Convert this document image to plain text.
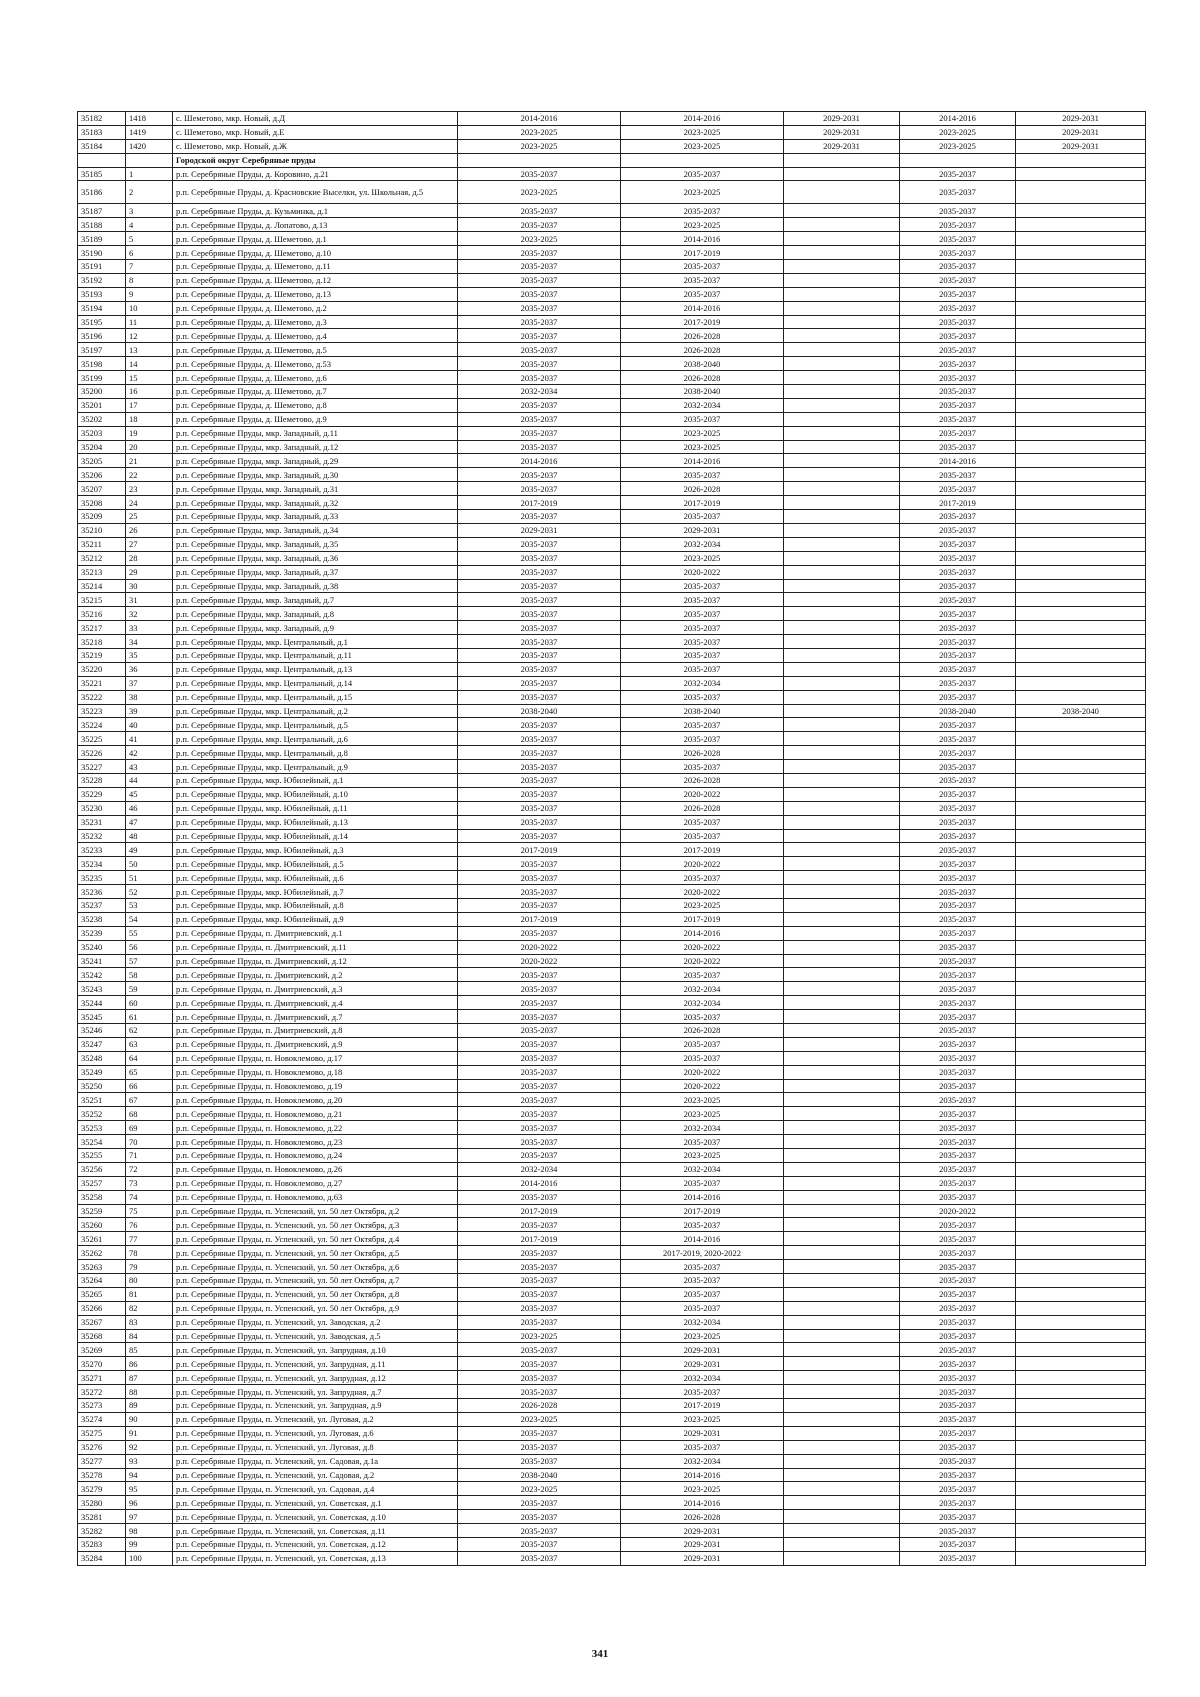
35182	1418	с. Шеметово, мкр. Новый, д.Д	2014-2016	2014-2016	2029-2031	2014-2016	2029-2031
35183	1419	с. Шеметово, мкр. Новый, д.Е	2023-2025	2023-2025	2029-2031	2023-2025	2029-2031
35184	1420	с. Шеметово, мкр. Новый, д.Ж	2023-2025	2023-2025	2029-2031	2023-2025	2029-2031
		Городской округ Серебряные пруды					
35185	1	р.п. Серебряные Пруды, д. Коровино, д.21	2035-2037	2035-2037		2035-2037	
35186	2	р.п. Серебряные Пруды, д. Красновские Выселки, ул. Школьная, д.5	2023-2025	2023-2025		2035-2037	
35187	3	р.п. Серебряные Пруды, д. Кузьминка, д.1	2035-2037	2035-2037		2035-2037	
35188	4	р.п. Серебряные Пруды, д. Лопатово, д.13	2035-2037	2023-2025		2035-2037	
35189	5	р.п. Серебряные Пруды, д. Шеметово, д.1	2023-2025	2014-2016		2035-2037	
35190	6	р.п. Серебряные Пруды, д. Шеметово, д.10	2035-2037	2017-2019		2035-2037	
35191	7	р.п. Серебряные Пруды, д. Шеметово, д.11	2035-2037	2035-2037		2035-2037	
35192	8	р.п. Серебряные Пруды, д. Шеметово, д.12	2035-2037	2035-2037		2035-2037	
35193	9	р.п. Серебряные Пруды, д. Шеметово, д.13	2035-2037	2035-2037		2035-2037	
35194	10	р.п. Серебряные Пруды, д. Шеметово, д.2	2035-2037	2014-2016		2035-2037	
35195	11	р.п. Серебряные Пруды, д. Шеметово, д.3	2035-2037	2017-2019		2035-2037	
35196	12	р.п. Серебряные Пруды, д. Шеметово, д.4	2035-2037	2026-2028		2035-2037	
35197	13	р.п. Серебряные Пруды, д. Шеметово, д.5	2035-2037	2026-2028		2035-2037	
35198	14	р.п. Серебряные Пруды, д. Шеметово, д.53	2035-2037	2038-2040		2035-2037	
35199	15	р.п. Серебряные Пруды, д. Шеметово, д.6	2035-2037	2026-2028		2035-2037	
35200	16	р.п. Серебряные Пруды, д. Шеметово, д.7	2032-2034	2038-2040		2035-2037	
35201	17	р.п. Серебряные Пруды, д. Шеметово, д.8	2035-2037	2032-2034		2035-2037	
35202	18	р.п. Серебряные Пруды, д. Шеметово, д.9	2035-2037	2035-2037		2035-2037	
35203	19	р.п. Серебряные Пруды, мкр. Западный, д.11	2035-2037	2023-2025		2035-2037	
35204	20	р.п. Серебряные Пруды, мкр. Западный, д.12	2035-2037	2023-2025		2035-2037	
35205	21	р.п. Серебряные Пруды, мкр. Западный, д.29	2014-2016	2014-2016		2014-2016	
35206	22	р.п. Серебряные Пруды, мкр. Западный, д.30	2035-2037	2035-2037		2035-2037	
35207	23	р.п. Серебряные Пруды, мкр. Западный, д.31	2035-2037	2026-2028		2035-2037	
35208	24	р.п. Серебряные Пруды, мкр. Западный, д.32	2017-2019	2017-2019		2017-2019	
35209	25	р.п. Серебряные Пруды, мкр. Западный, д.33	2035-2037	2035-2037		2035-2037	
35210	26	р.п. Серебряные Пруды, мкр. Западный, д.34	2029-2031	2029-2031		2035-2037	
35211	27	р.п. Серебряные Пруды, мкр. Западный, д.35	2035-2037	2032-2034		2035-2037	
35212	28	р.п. Серебряные Пруды, мкр. Западный, д.36	2035-2037	2023-2025		2035-2037	
35213	29	р.п. Серебряные Пруды, мкр. Западный, д.37	2035-2037	2020-2022		2035-2037	
35214	30	р.п. Серебряные Пруды, мкр. Западный, д.38	2035-2037	2035-2037		2035-2037	
35215	31	р.п. Серебряные Пруды, мкр. Западный, д.7	2035-2037	2035-2037		2035-2037	
35216	32	р.п. Серебряные Пруды, мкр. Западный, д.8	2035-2037	2035-2037		2035-2037	
35217	33	р.п. Серебряные Пруды, мкр. Западный, д.9	2035-2037	2035-2037		2035-2037	
35218	34	р.п. Серебряные Пруды, мкр. Центральный, д.1	2035-2037	2035-2037		2035-2037	
35219	35	р.п. Серебряные Пруды, мкр. Центральный, д.11	2035-2037	2035-2037		2035-2037	
35220	36	р.п. Серебряные Пруды, мкр. Центральный, д.13	2035-2037	2035-2037		2035-2037	
35221	37	р.п. Серебряные Пруды, мкр. Центральный, д.14	2035-2037	2032-2034		2035-2037	
35222	38	р.п. Серебряные Пруды, мкр. Центральный, д.15	2035-2037	2035-2037		2035-2037	
35223	39	р.п. Серебряные Пруды, мкр. Центральный, д.2	2038-2040	2038-2040		2038-2040	2038-2040
35224	40	р.п. Серебряные Пруды, мкр. Центральный, д.5	2035-2037	2035-2037		2035-2037	
35225	41	р.п. Серебряные Пруды, мкр. Центральный, д.6	2035-2037	2035-2037		2035-2037	
35226	42	р.п. Серебряные Пруды, мкр. Центральный, д.8	2035-2037	2026-2028		2035-2037	
35227	43	р.п. Серебряные Пруды, мкр. Центральный, д.9	2035-2037	2035-2037		2035-2037	
35228	44	р.п. Серебряные Пруды, мкр. Юбилейный, д.1	2035-2037	2026-2028		2035-2037	
35229	45	р.п. Серебряные Пруды, мкр. Юбилейный, д.10	2035-2037	2020-2022		2035-2037	
35230	46	р.п. Серебряные Пруды, мкр. Юбилейный, д.11	2035-2037	2026-2028		2035-2037	
35231	47	р.п. Серебряные Пруды, мкр. Юбилейный, д.13	2035-2037	2035-2037		2035-2037	
35232	48	р.п. Серебряные Пруды, мкр. Юбилейный, д.14	2035-2037	2035-2037		2035-2037	
35233	49	р.п. Серебряные Пруды, мкр. Юбилейный, д.3	2017-2019	2017-2019		2035-2037	
35234	50	р.п. Серебряные Пруды, мкр. Юбилейный, д.5	2035-2037	2020-2022		2035-2037	
35235	51	р.п. Серебряные Пруды, мкр. Юбилейный, д.6	2035-2037	2035-2037		2035-2037	
35236	52	р.п. Серебряные Пруды, мкр. Юбилейный, д.7	2035-2037	2020-2022		2035-2037	
35237	53	р.п. Серебряные Пруды, мкр. Юбилейный, д.8	2035-2037	2023-2025		2035-2037	
35238	54	р.п. Серебряные Пруды, мкр. Юбилейный, д.9	2017-2019	2017-2019		2035-2037	
35239	55	р.п. Серебряные Пруды, п. Дмитриевский, д.1	2035-2037	2014-2016		2035-2037	
35240	56	р.п. Серебряные Пруды, п. Дмитриевский, д.11	2020-2022	2020-2022		2035-2037	
35241	57	р.п. Серебряные Пруды, п. Дмитриевский, д.12	2020-2022	2020-2022		2035-2037	
35242	58	р.п. Серебряные Пруды, п. Дмитриевский, д.2	2035-2037	2035-2037		2035-2037	
35243	59	р.п. Серебряные Пруды, п. Дмитриевский, д.3	2035-2037	2032-2034		2035-2037	
35244	60	р.п. Серебряные Пруды, п. Дмитриевский, д.4	2035-2037	2032-2034		2035-2037	
35245	61	р.п. Серебряные Пруды, п. Дмитриевский, д.7	2035-2037	2035-2037		2035-2037	
35246	62	р.п. Серебряные Пруды, п. Дмитриевский, д.8	2035-2037	2026-2028		2035-2037	
35247	63	р.п. Серебряные Пруды, п. Дмитриевский, д.9	2035-2037	2035-2037		2035-2037	
35248	64	р.п. Серебряные Пруды, п. Новоклемово, д.17	2035-2037	2035-2037		2035-2037	
35249	65	р.п. Серебряные Пруды, п. Новоклемово, д.18	2035-2037	2020-2022		2035-2037	
35250	66	р.п. Серебряные Пруды, п. Новоклемово, д.19	2035-2037	2020-2022		2035-2037	
35251	67	р.п. Серебряные Пруды, п. Новоклемово, д.20	2035-2037	2023-2025		2035-2037	
35252	68	р.п. Серебряные Пруды, п. Новоклемово, д.21	2035-2037	2023-2025		2035-2037	
35253	69	р.п. Серебряные Пруды, п. Новоклемово, д.22	2035-2037	2032-2034		2035-2037	
35254	70	р.п. Серебряные Пруды, п. Новоклемово, д.23	2035-2037	2035-2037		2035-2037	
35255	71	р.п. Серебряные Пруды, п. Новоклемово, д.24	2035-2037	2023-2025		2035-2037	
35256	72	р.п. Серебряные Пруды, п. Новоклемово, д.26	2032-2034	2032-2034		2035-2037	
35257	73	р.п. Серебряные Пруды, п. Новоклемово, д.27	2014-2016	2035-2037		2035-2037	
35258	74	р.п. Серебряные Пруды, п. Новоклемово, д.63	2035-2037	2014-2016		2035-2037	
35259	75	р.п. Серебряные Пруды, п. Успенский, ул. 50 лет Октября, д.2	2017-2019	2017-2019		2020-2022	
35260	76	р.п. Серебряные Пруды, п. Успенский, ул. 50 лет Октября, д.3	2035-2037	2035-2037		2035-2037	
35261	77	р.п. Серебряные Пруды, п. Успенский, ул. 50 лет Октября, д.4	2017-2019	2014-2016		2035-2037	
35262	78	р.п. Серебряные Пруды, п. Успенский, ул. 50 лет Октября, д.5	2035-2037	2017-2019, 2020-2022		2035-2037	
35263	79	р.п. Серебряные Пруды, п. Успенский, ул. 50 лет Октября, д.6	2035-2037	2035-2037		2035-2037	
35264	80	р.п. Серебряные Пруды, п. Успенский, ул. 50 лет Октября, д.7	2035-2037	2035-2037		2035-2037	
35265	81	р.п. Серебряные Пруды, п. Успенский, ул. 50 лет Октября, д.8	2035-2037	2035-2037		2035-2037	
35266	82	р.п. Серебряные Пруды, п. Успенский, ул. 50 лет Октября, д.9	2035-2037	2035-2037		2035-2037	
35267	83	р.п. Серебряные Пруды, п. Успенский, ул. Заводская, д.2	2035-2037	2032-2034		2035-2037	
35268	84	р.п. Серебряные Пруды, п. Успенский, ул. Заводская, д.5	2023-2025	2023-2025		2035-2037	
35269	85	р.п. Серебряные Пруды, п. Успенский, ул. Запрудная, д.10	2035-2037	2029-2031		2035-2037	
35270	86	р.п. Серебряные Пруды, п. Успенский, ул. Запрудная, д.11	2035-2037	2029-2031		2035-2037	
35271	87	р.п. Серебряные Пруды, п. Успенский, ул. Запрудная, д.12	2035-2037	2032-2034		2035-2037	
35272	88	р.п. Серебряные Пруды, п. Успенский, ул. Запрудная, д.7	2035-2037	2035-2037		2035-2037	
35273	89	р.п. Серебряные Пруды, п. Успенский, ул. Запрудная, д.9	2026-2028	2017-2019		2035-2037	
35274	90	р.п. Серебряные Пруды, п. Успенский, ул. Луговая, д.2	2023-2025	2023-2025		2035-2037	
35275	91	р.п. Серебряные Пруды, п. Успенский, ул. Луговая, д.6	2035-2037	2029-2031		2035-2037	
35276	92	р.п. Серебряные Пруды, п. Успенский, ул. Луговая, д.8	2035-2037	2035-2037		2035-2037	
35277	93	р.п. Серебряные Пруды, п. Успенский, ул. Садовая, д.1а	2035-2037	2032-2034		2035-2037	
35278	94	р.п. Серебряные Пруды, п. Успенский, ул. Садовая, д.2	2038-2040	2014-2016		2035-2037	
35279	95	р.п. Серебряные Пруды, п. Успенский, ул. Садовая, д.4	2023-2025	2023-2025		2035-2037	
35280	96	р.п. Серебряные Пруды, п. Успенский, ул. Советская, д.1	2035-2037	2014-2016		2035-2037	
35281	97	р.п. Серебряные Пруды, п. Успенский, ул. Советская, д.10	2035-2037	2026-2028		2035-2037	
35282	98	р.п. Серебряные Пруды, п. Успенский, ул. Советская, д.11	2035-2037	2029-2031		2035-2037	
35283	99	р.п. Серебряные Пруды, п. Успенский, ул. Советская, д.12	2035-2037	2029-2031		2035-2037	
35284	100	р.п. Серебряные Пруды, п. Успенский, ул. Советская, д.13	2035-2037	2029-2031		2035-2037	
341
